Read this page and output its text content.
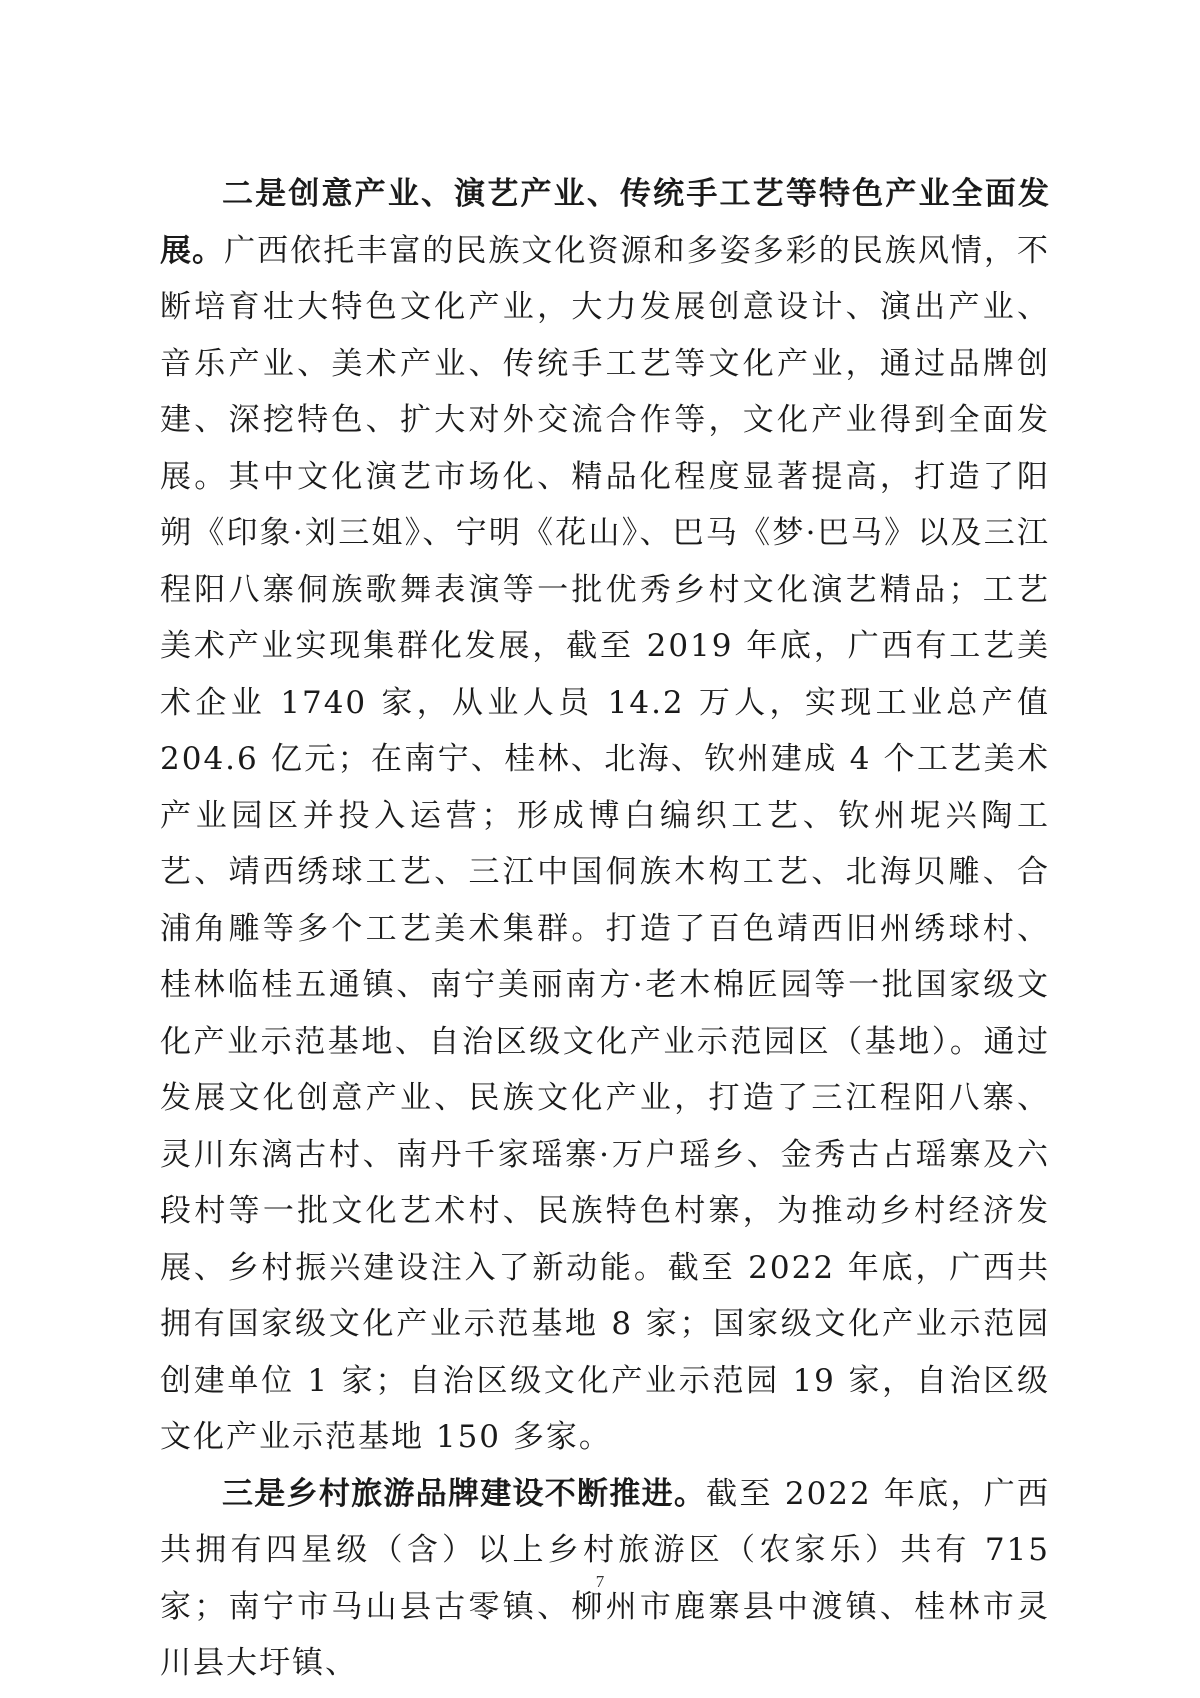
二是创意产业、演艺产业、传统手工艺等特色产业全面发展。广西依托丰富的民族文化资源和多姿多彩的民族风情，不断培育壮大特色文化产业，大力发展创意设计、演出产业、音乐产业、美术产业、传统手工艺等文化产业，通过品牌创建、深挖特色、扩大对外交流合作等，文化产业得到全面发展。其中文化演艺市场化、精品化程度显著提高，打造了阳朔《印象·刘三姐》、宁明《花山》、巴马《梦·巴马》以及三江程阳八寨侗族歌舞表演等一批优秀乡村文化演艺精品；工艺美术产业实现集群化发展，截至 2019 年底，广西有工艺美术企业 1740 家，从业人员 14.2 万人，实现工业总产值 204.6 亿元；在南宁、桂林、北海、钦州建成 4 个工艺美术产业园区并投入运营；形成博白编织工艺、钦州坭兴陶工艺、靖西绣球工艺、三江中国侗族木构工艺、北海贝雕、合浦角雕等多个工艺美术集群。打造了百色靖西旧州绣球村、桂林临桂五通镇、南宁美丽南方·老木棉匠园等一批国家级文化产业示范基地、自治区级文化产业示范园区（基地）。通过发展文化创意产业、民族文化产业，打造了三江程阳八寨、灵川东漓古村、南丹千家瑶寨·万户瑶乡、金秀古占瑶寨及六段村等一批文化艺术村、民族特色村寨，为推动乡村经济发展、乡村振兴建设注入了新动能。截至 2022 年底，广西共拥有国家级文化产业示范基地 8 家；国家级文化产业示范园创建单位 1 家；自治区级文化产业示范园 19 家，自治区级文化产业示范基地 150 多家。

三是乡村旅游品牌建设不断推进。截至 2022 年底，广西共拥有四星级（含）以上乡村旅游区（农家乐）共有 715 家；南宁市马山县古零镇、柳州市鹿寨县中渡镇、桂林市灵川县大圩镇、

7
